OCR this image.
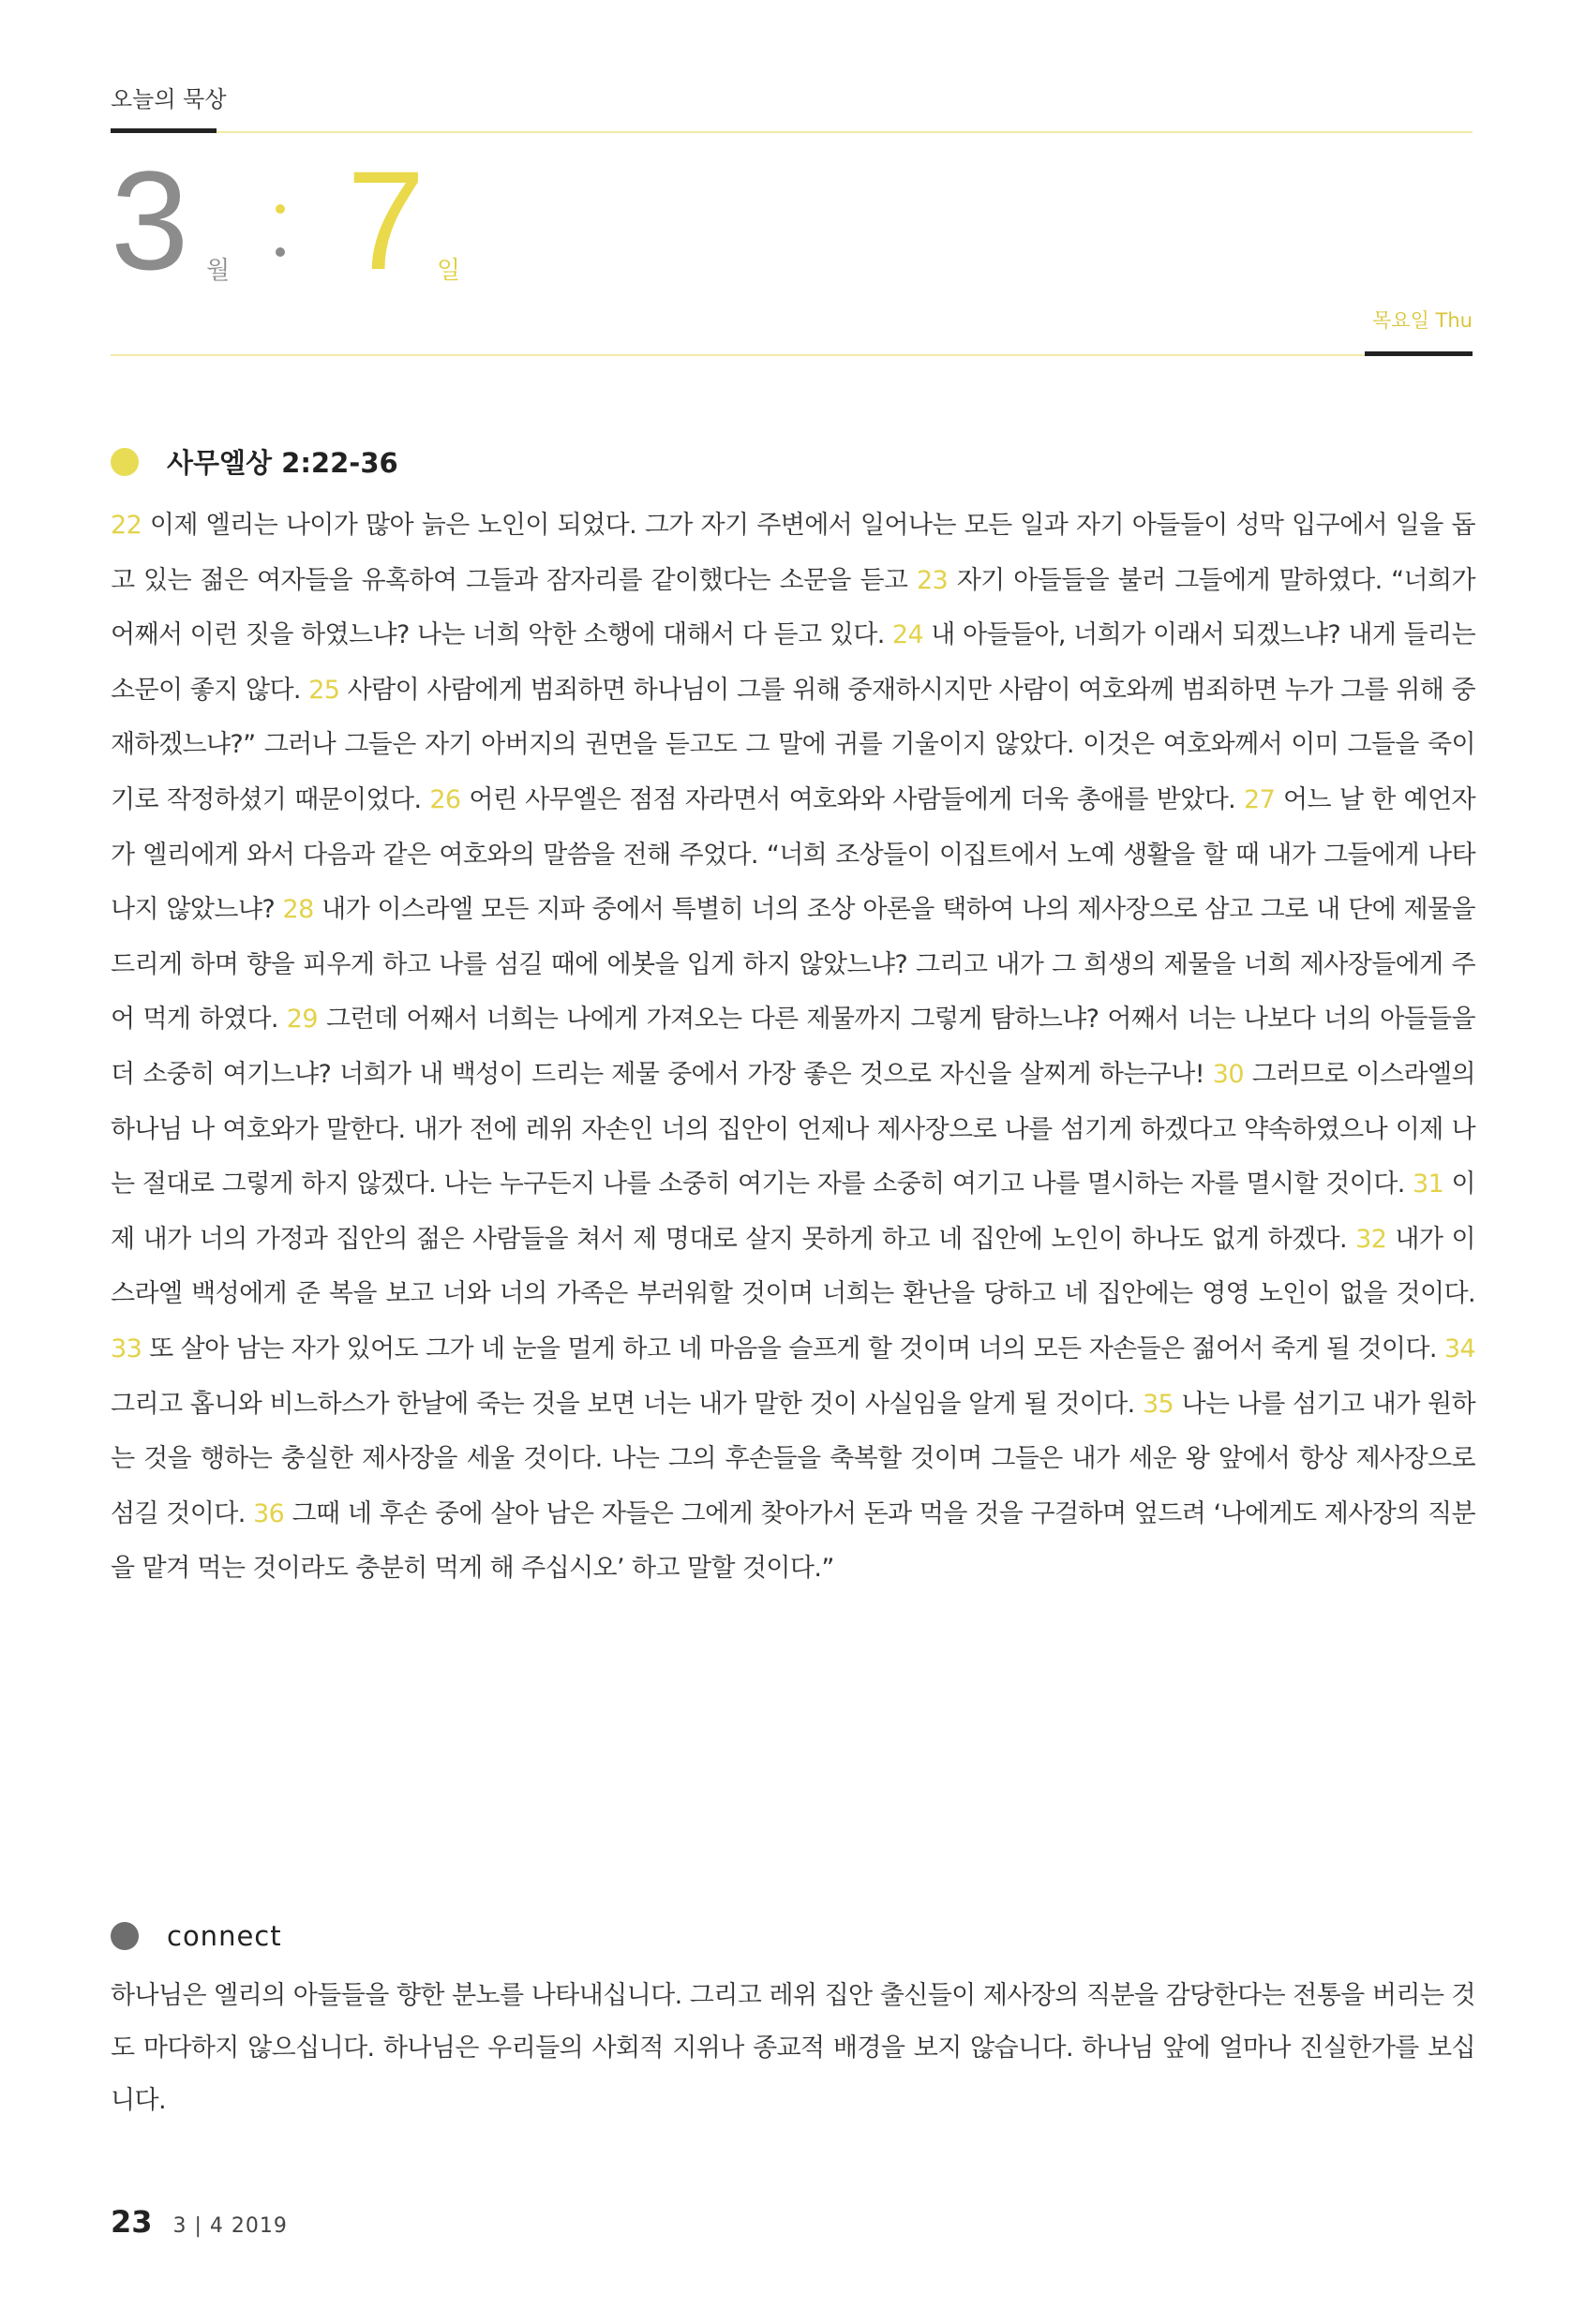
오늘의 묵상
3 월 7 일
목요일 Thu
사무엘상 2:22-36
22 이제 엘리는 나이가 많아 늙은 노인이 되었다. 그가 자기 주변에서 일어나는 모든 일과 자기 아들들이 성막 입구에서 일을 돕고 있는 젊은 여자들을 유혹하여 그들과 잠자리를 같이했다는 소문을 듣고 23 자기 아들들을 불러 그들에게 말하였다. “너희가 어째서 이런 짓을 하였느냐? 나는 너희 악한 소행에 대해서 다 듣고 있다. 24 내 아들들아, 너희가 이래서 되겠느냐? 내게 들리는 소문이 좋지 않다. 25 사람이 사람에게 범죄하면 하나님이 그를 위해 중재하시지만 사람이 여호와께 범죄하면 누가 그를 위해 중재하겠느냐?” 그러나 그들은 자기 아버지의 권면을 듣고도 그 말에 귀를 기울이지 않았다. 이것은 여호와께서 이미 그들을 죽이기로 작정하셨기 때문이었다. 26 어린 사무엘은 점점 자라면서 여호와와 사람들에게 더욱 총애를 받았다. 27 어느 날 한 예언자가 엘리에게 와서 다음과 같은 여호와의 말씀을 전해 주었다. “너희 조상들이 이집트에서 노예 생활을 할 때 내가 그들에게 나타나지 않았느냐? 28 내가 이스라엘 모든 지파 중에서 특별히 너의 조상 아론을 택하여 나의 제사장으로 삼고 그로 내 단에 제물을 드리게 하며 향을 피우게 하고 나를 섬길 때에 에봇을 입게 하지 않았느냐? 그리고 내가 그 희생의 제물을 너희 제사장들에게 주어 먹게 하였다. 29 그런데 어째서 너희는 나에게 가져오는 다른 제물까지 그렇게 탐하느냐? 어째서 너는 나보다 너의 아들들을 더 소중히 여기느냐? 너희가 내 백성이 드리는 제물 중에서 가장 좋은 것으로 자신을 살찌게 하는구나! 30 그러므로 이스라엘의 하나님 나 여호와가 말한다. 내가 전에 레위 자손인 너의 집안이 언제나 제사장으로 나를 섬기게 하겠다고 약속하였으나 이제 나는 절대로 그렇게 하지 않겠다. 나는 누구든지 나를 소중히 여기는 자를 소중히 여기고 나를 멸시하는 자를 멸시할 것이다. 31 이제 내가 너의 가정과 집안의 젊은 사람들을 쳐서 제 명대로 살지 못하게 하고 네 집안에 노인이 하나도 없게 하겠다. 32 내가 이스라엘 백성에게 준 복을 보고 너와 너의 가족은 부러워할 것이며 너희는 환난을 당하고 네 집안에는 영영 노인이 없을 것이다. 33 또 살아 남는 자가 있어도 그가 네 눈을 멀게 하고 네 마음을 슬프게 할 것이며 너의 모든 자손들은 젊어서 죽게 될 것이다. 34 그리고 홉니와 비느하스가 한날에 죽는 것을 보면 너는 내가 말한 것이 사실임을 알게 될 것이다. 35 나는 나를 섬기고 내가 원하는 것을 행하는 충실한 제사장을 세울 것이다. 나는 그의 후손들을 축복할 것이며 그들은 내가 세운 왕 앞에서 항상 제사장으로 섬길 것이다. 36 그때 네 후손 중에 살아 남은 자들은 그에게 찾아가서 돈과 먹을 것을 구걸하며 엎드려 ‘나에게도 제사장의 직분을 맡겨 먹는 것이라도 충분히 먹게 해 주십시오’ 하고 말할 것이다.”
connect
하나님은 엘리의 아들들을 향한 분노를 나타내십니다. 그리고 레위 집안 출신들이 제사장의 직분을 감당한다는 전통을 버리는 것도 마다하지 않으십니다. 하나님은 우리들의 사회적 지위나 종교적 배경을 보지 않습니다. 하나님 앞에 얼마나 진실한가를 보십니다.
23 3 | 4 2019
